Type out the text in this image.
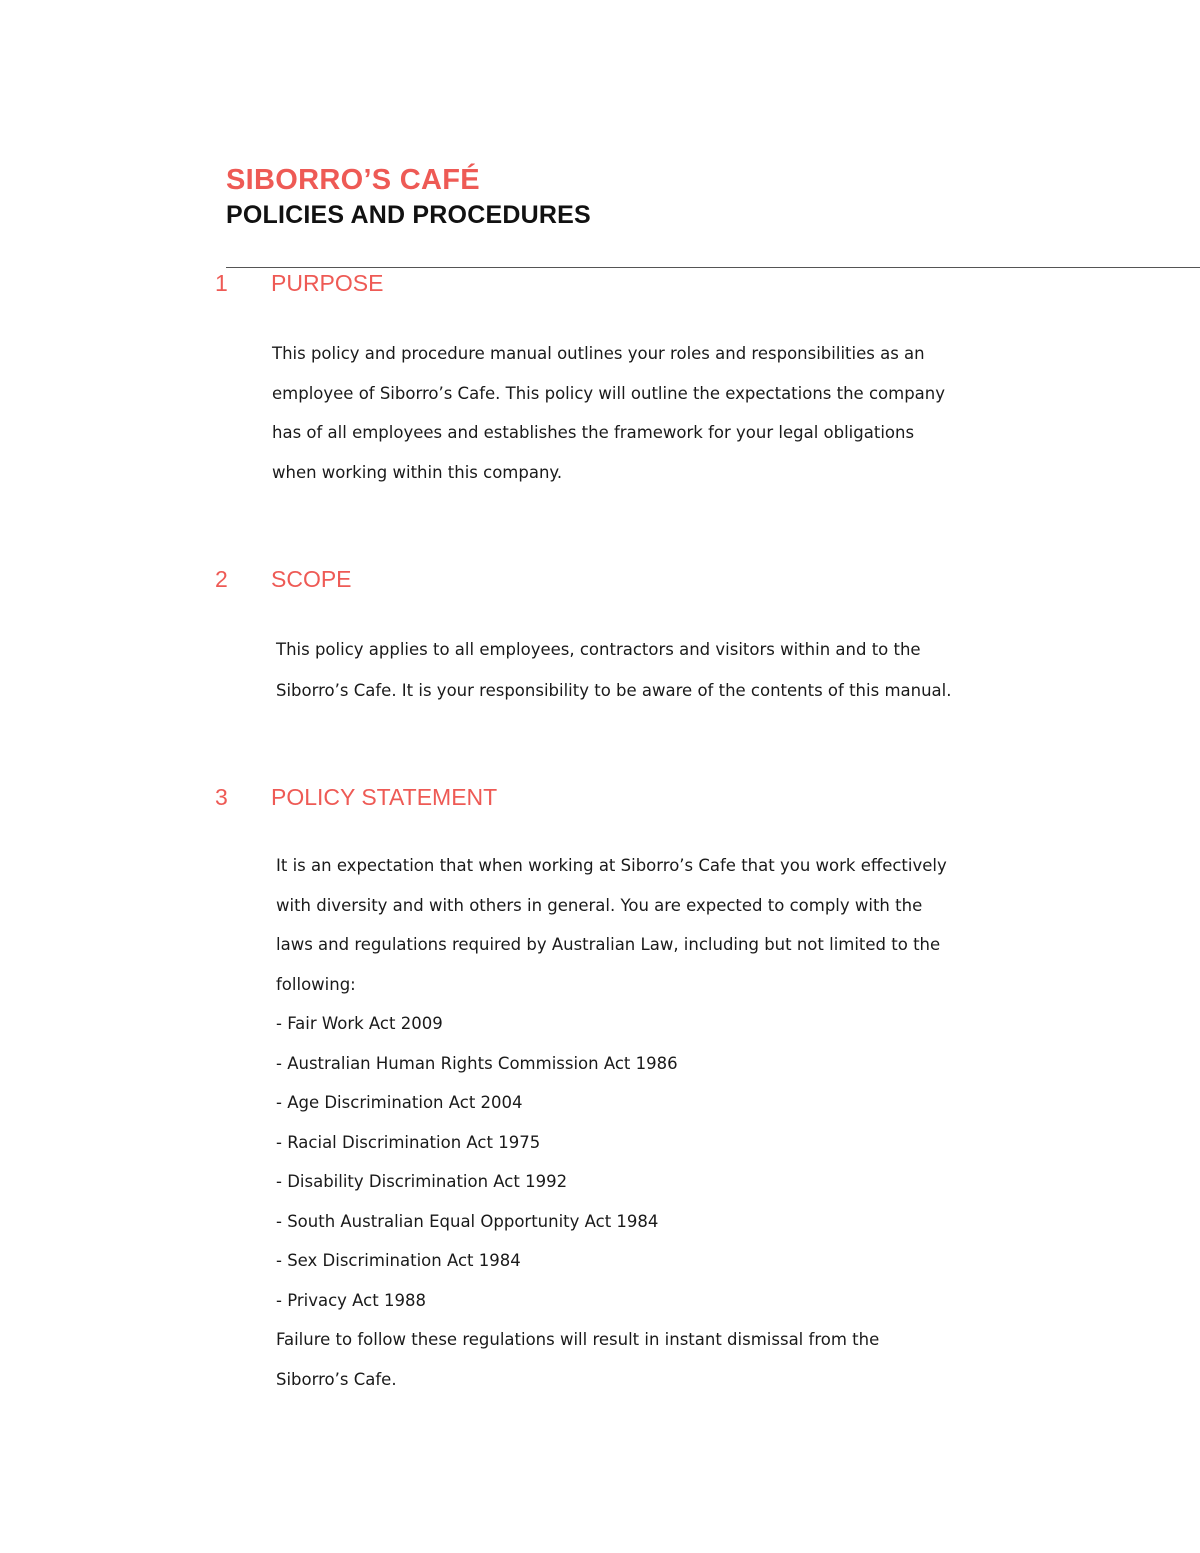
SIBORRO’S CAFÉ
POLICIES AND PROCEDURES
1 PURPOSE
This policy and procedure manual outlines your roles and responsibilities as an
employee of Siborro’s Cafe. This policy will outline the expectations the company
has of all employees and establishes the framework for your legal obligations
when working within this company.
2 SCOPE
This policy applies to all employees, contractors and visitors within and to the
Siborro’s Cafe. It is your responsibility to be aware of the contents of this manual.
3 POLICY STATEMENT
It is an expectation that when working at Siborro’s Cafe that you work effectively
with diversity and with others in general. You are expected to comply with the
laws and regulations required by Australian Law, including but not limited to the
following:
- Fair Work Act 2009
- Australian Human Rights Commission Act 1986
- Age Discrimination Act 2004
- Racial Discrimination Act 1975
- Disability Discrimination Act 1992
- South Australian Equal Opportunity Act 1984
- Sex Discrimination Act 1984
- Privacy Act 1988
Failure to follow these regulations will result in instant dismissal from the
Siborro’s Cafe.
